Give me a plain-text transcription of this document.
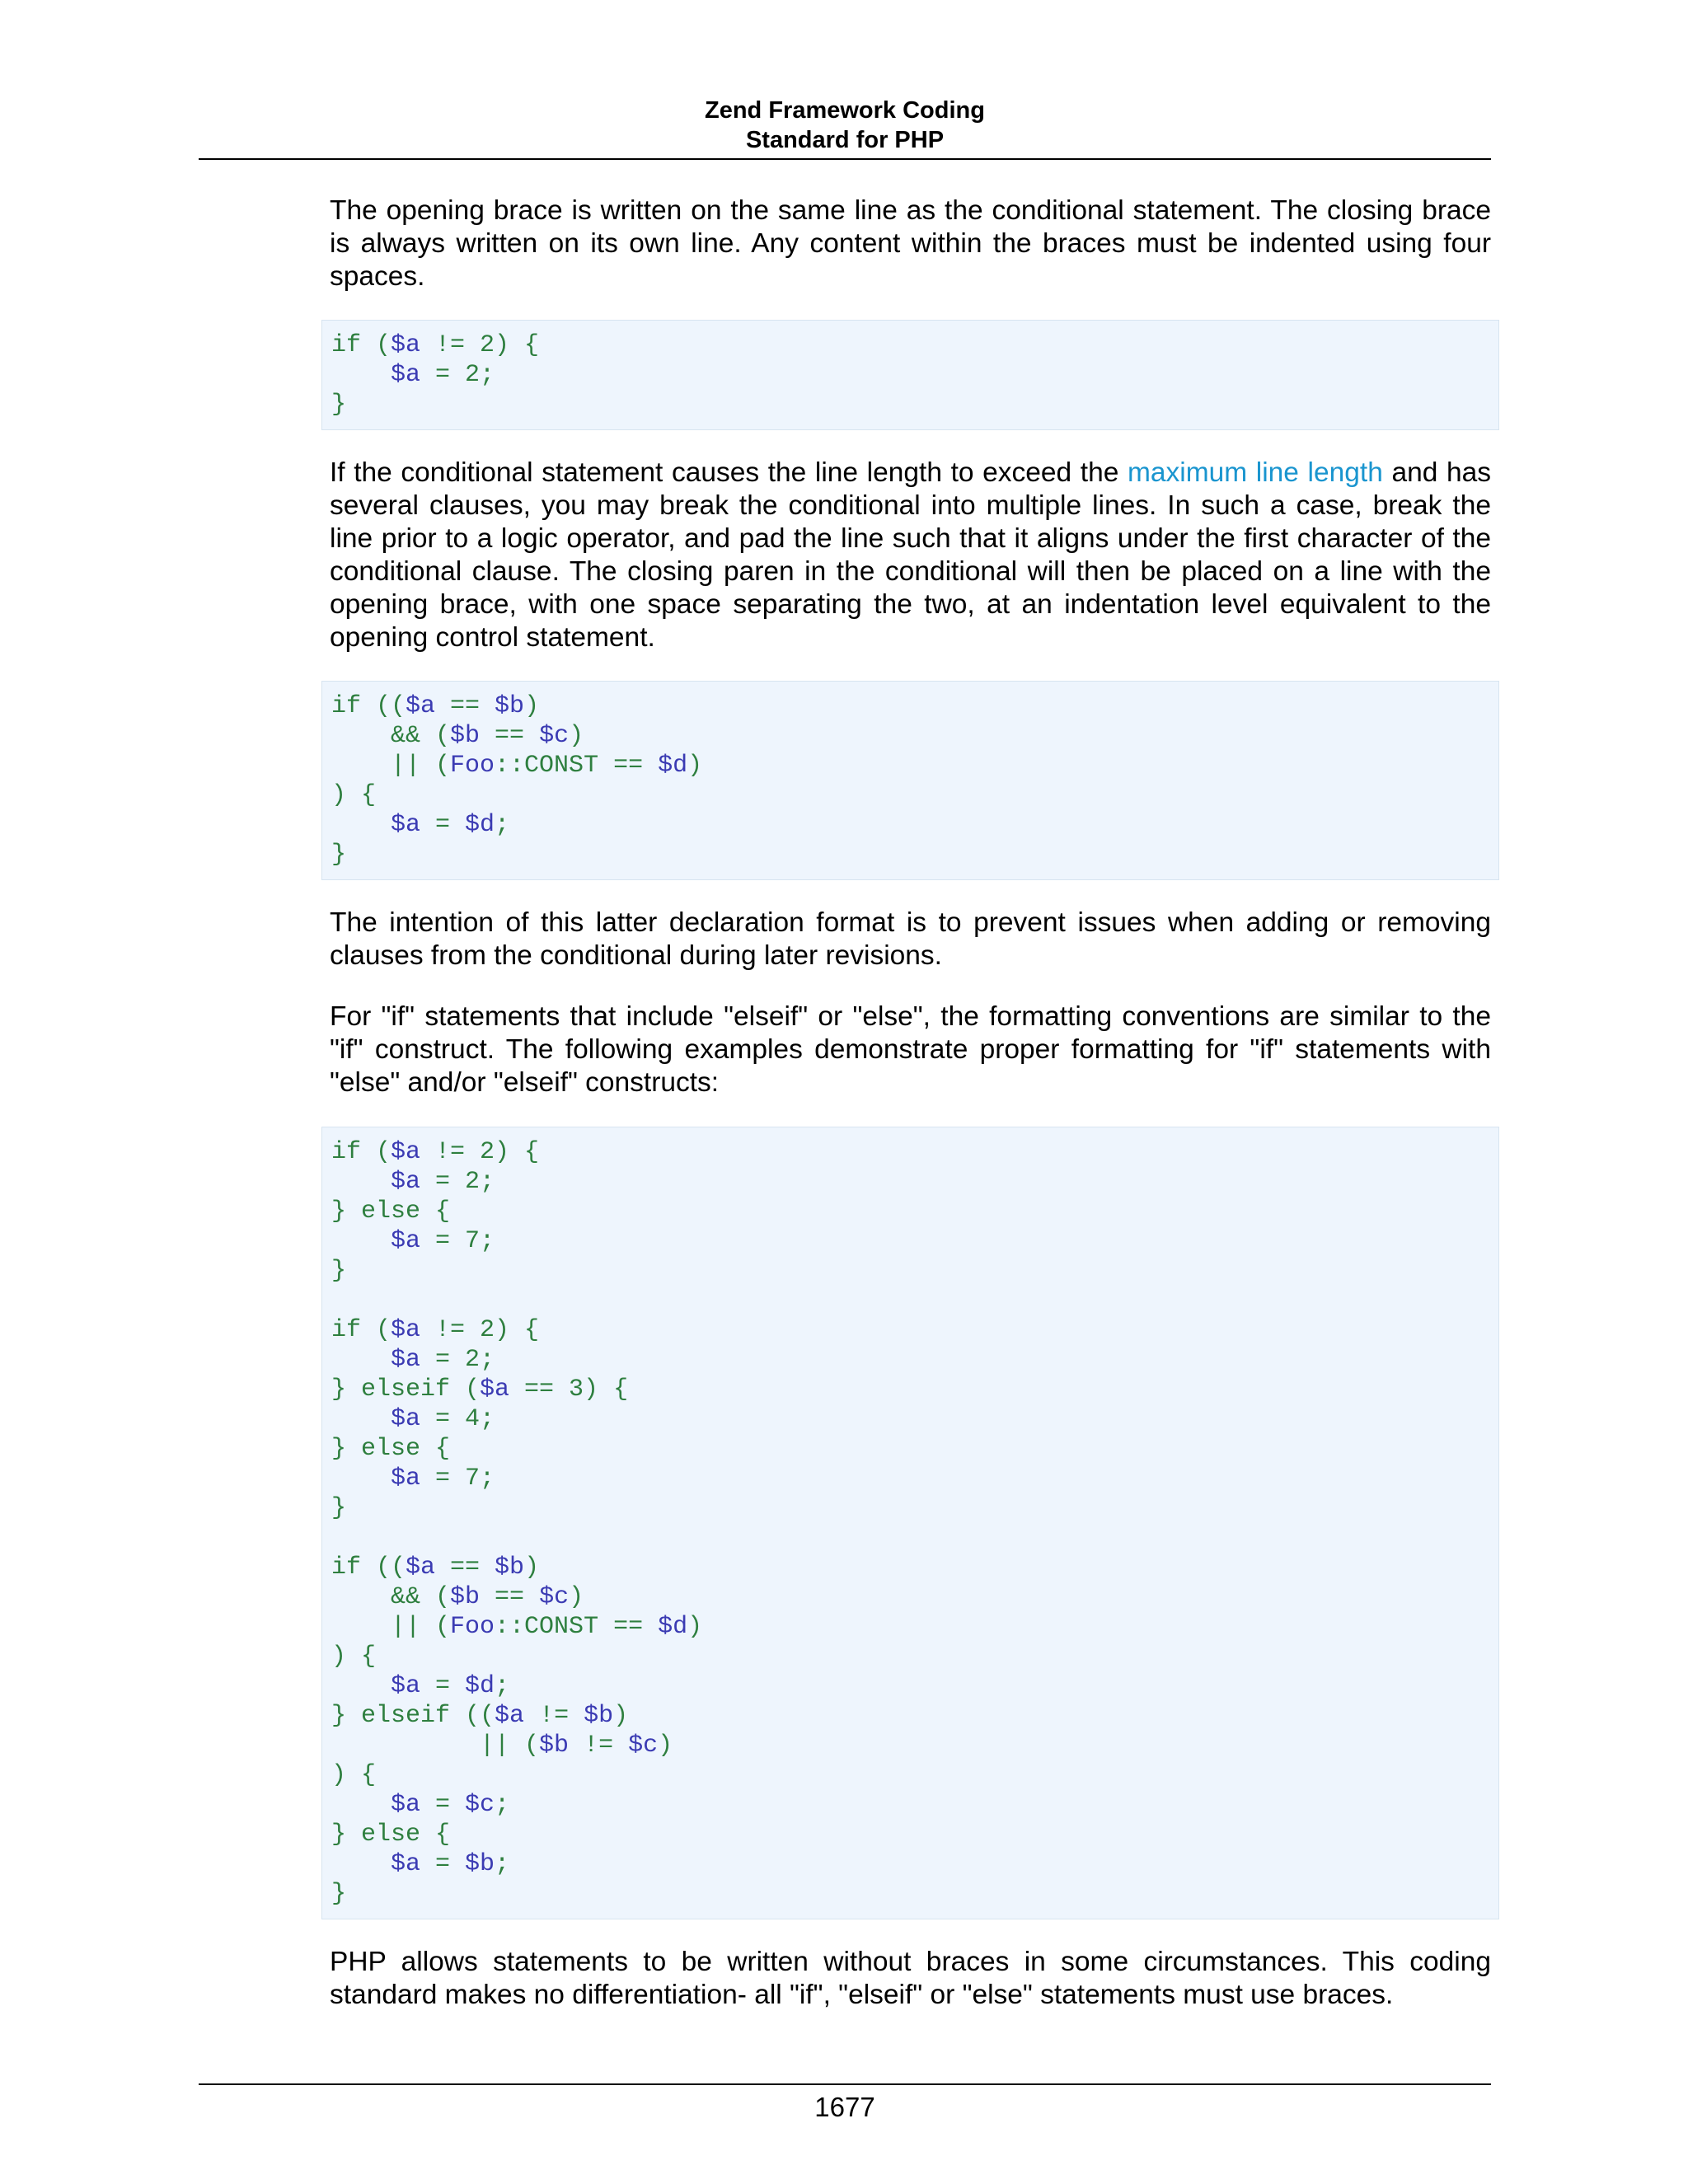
Zend Framework Coding
Standard for PHP

The opening brace is written on the same line as the conditional statement. The closing brace is always written on its own line. Any content within the braces must be indented using four spaces.

if ($a != 2) {
$a = 2;
}

If the conditional statement causes the line length to exceed the maximum line length and has several clauses, you may break the conditional into multiple lines. In such a case, break the line prior to a logic operator, and pad the line such that it aligns under the first character of the conditional clause. The closing paren in the conditional will then be placed on a line with the opening brace, with one space separating the two, at an indentation level equivalent to the opening control statement.

if (($a == $b)
&& ($b == $c)
|| (Foo::CONST == $d)
) {
$a = $d;
}

The intention of this latter declaration format is to prevent issues when adding or removing clauses from the conditional during later revisions.

For "if" statements that include "elseif" or "else", the formatting conventions are similar to the "if" construct. The following examples demonstrate proper formatting for "if" statements with "else" and/or "elseif" constructs:

if ($a != 2) {
$a = 2;
} else {
$a = 7;
}

if ($a != 2) {
$a = 2;
} elseif ($a == 3) {
$a = 4;
} else {
$a = 7;
}

if (($a == $b)
&& ($b == $c)
|| (Foo::CONST == $d)
) {
$a = $d;
} elseif (($a != $b)
|| ($b != $c)
) {
$a = $c;
} else {
$a = $b;
}

PHP allows statements to be written without braces in some circumstances. This coding standard makes no differentiation- all "if", "elseif" or "else" statements must use braces.

1677
